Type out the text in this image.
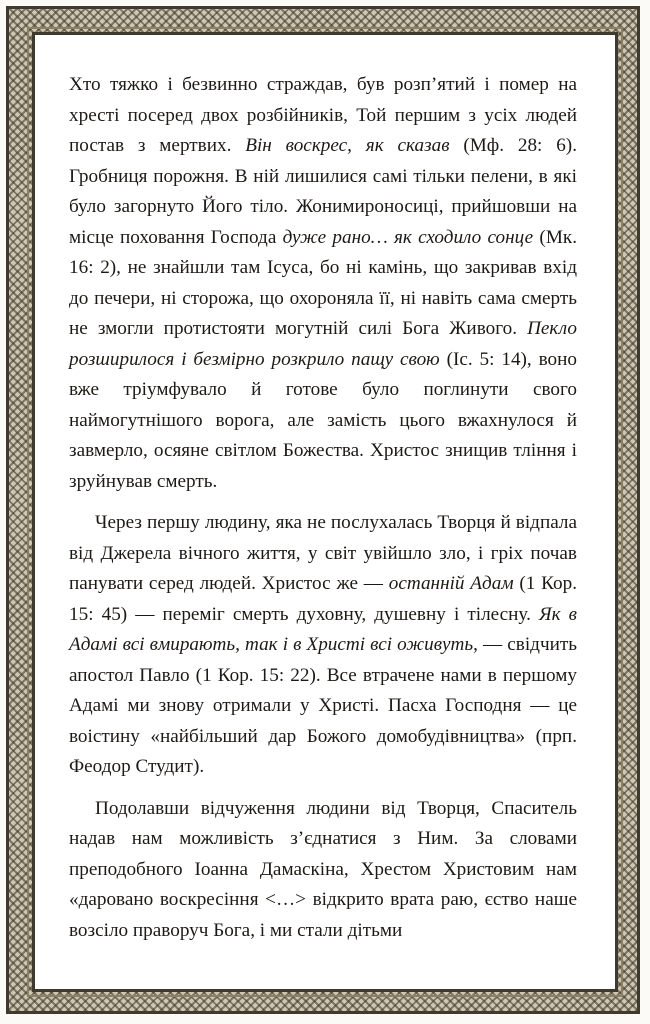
Хто тяжко і безвинно страждав, був розп’ятий і помер на хресті посеред двох розбійників, Той першим з усіх людей постав з мертвих. Він воскрес, як сказав (Мф. 28: 6). Гробниця порожня. В ній лишилися самі тільки пелени, в які було загорнуто Його тіло. Жонимироносиці, прийшовши на місце поховання Господа дуже рано… як сходило сонце (Мк. 16: 2), не знайшли там Ісуса, бо ні камінь, що закривав вхід до печери, ні сторожа, що охороняла її, ні навіть сама смерть не змогли протистояти могутній силі Бога Живого. Пекло розширилося і безмірно розкрило пащу свою (Іс. 5: 14), воно вже тріумфувало й готове було поглинути свого наймогутнішого ворога, але замість цього вжахнулося й завмерло, осяяне світлом Божества. Христос знищив тління і зруйнував смерть.

Через першу людину, яка не послухалась Творця й відпала від Джерела вічного життя, у світ увійшло зло, і гріх почав панувати серед людей. Христос же — останній Адам (1 Кор. 15: 45) — переміг смерть духовну, душевну і тілесну. Як в Адамі всі вмирають, так і в Христі всі оживуть, — свідчить апостол Павло (1 Кор. 15: 22). Все втрачене нами в першому Адамі ми знову отримали у Христі. Пасха Господня — це воістину «найбільший дар Божого домобудівництва» (прп. Феодор Студит).

Подолавши відчуження людини від Творця, Спаситель надав нам можливість з’єднатися з Ним. За словами преподобного Іоанна Дамаскіна, Хрестом Христовим нам «даровано воскресіння <…> відкрито врата раю, єство наше возсіло праворуч Бога, і ми стали дітьми
